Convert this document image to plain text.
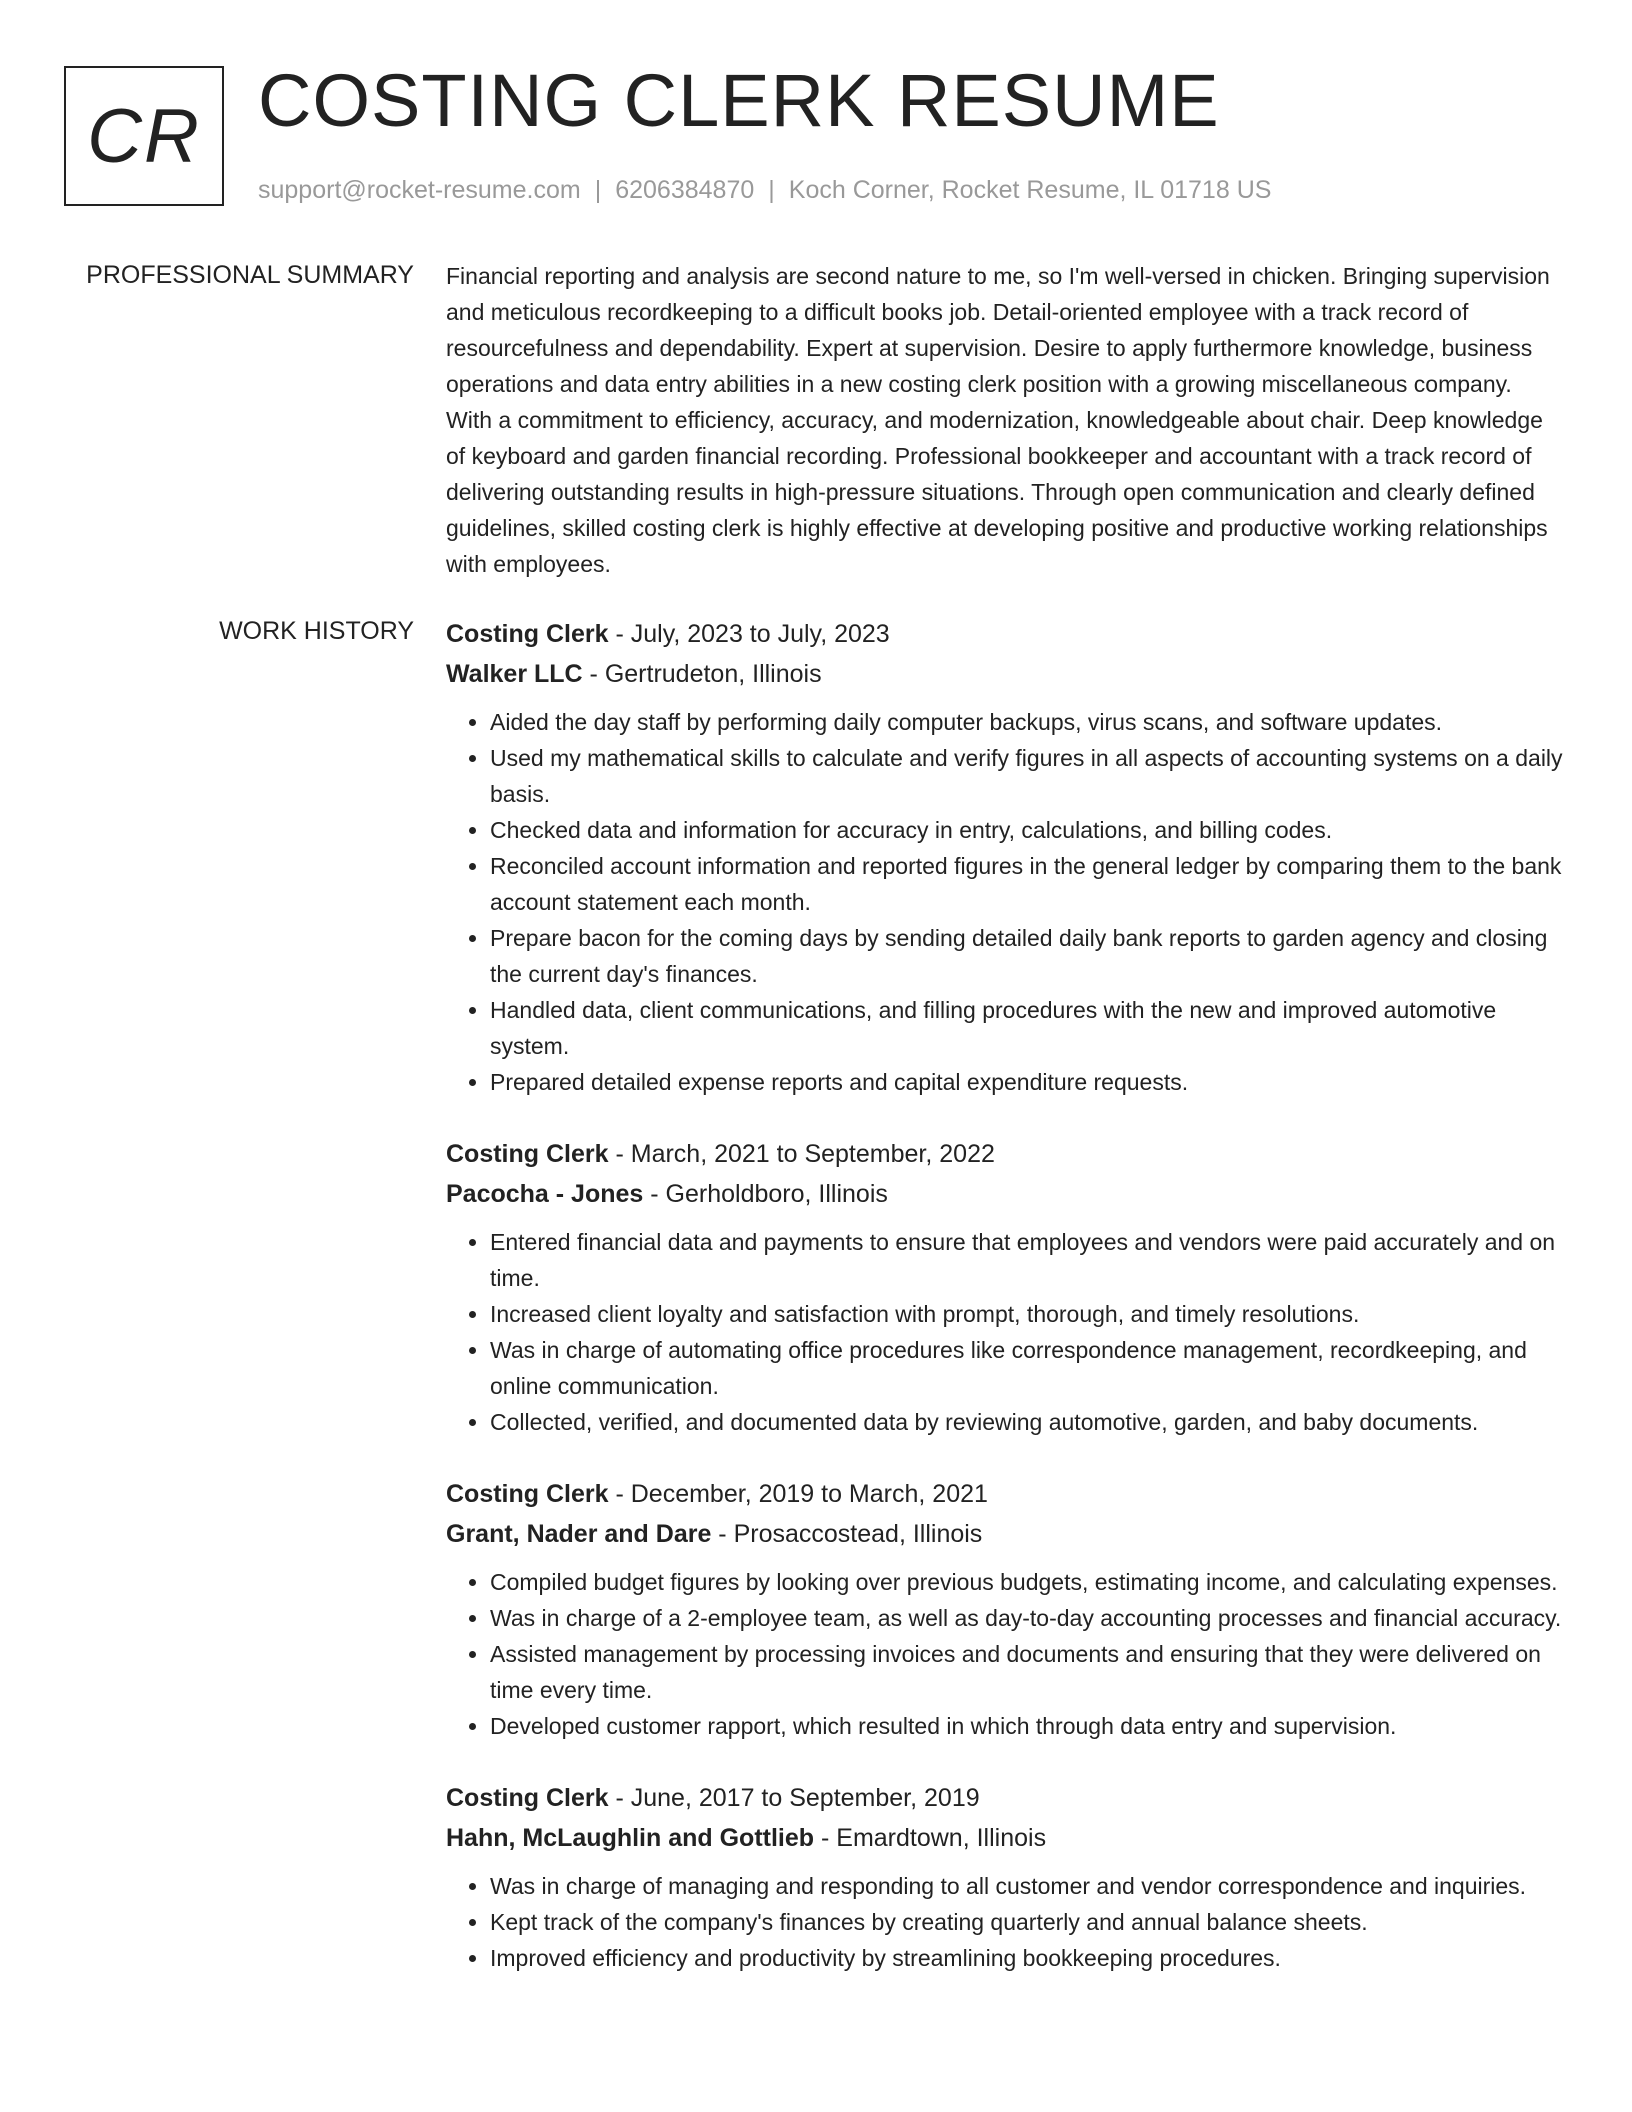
CR COSTING CLERK RESUME
support@rocket-resume.com | 6206384870 | Koch Corner, Rocket Resume, IL 01718 US
PROFESSIONAL SUMMARY Financial reporting and analysis are second nature to me, so I'm well-versed in chicken. Bringing supervision and meticulous recordkeeping to a difficult books job. Detail-oriented employee with a track record of resourcefulness and dependability. Expert at supervision. Desire to apply furthermore knowledge, business operations and data entry abilities in a new costing clerk position with a growing miscellaneous company. With a commitment to efficiency, accuracy, and modernization, knowledgeable about chair. Deep knowledge of keyboard and garden financial recording. Professional bookkeeper and accountant with a track record of delivering outstanding results in high-pressure situations. Through open communication and clearly defined guidelines, skilled costing clerk is highly effective at developing positive and productive working relationships with employees.

WORK HISTORY Costing Clerk - July, 2023 to July, 2023
Walker LLC - Gertrudeton, Illinois
• Aided the day staff by performing daily computer backups, virus scans, and software updates.
• Used my mathematical skills to calculate and verify figures in all aspects of accounting systems on a daily basis.
• Checked data and information for accuracy in entry, calculations, and billing codes.
• Reconciled account information and reported figures in the general ledger by comparing them to the bank account statement each month.
• Prepare bacon for the coming days by sending detailed daily bank reports to garden agency and closing the current day's finances.
• Handled data, client communications, and filling procedures with the new and improved automotive system.
• Prepared detailed expense reports and capital expenditure requests.
Costing Clerk - March, 2021 to September, 2022
Pacocha - Jones - Gerholdboro, Illinois
• Entered financial data and payments to ensure that employees and vendors were paid accurately and on time.
• Increased client loyalty and satisfaction with prompt, thorough, and timely resolutions.
• Was in charge of automating office procedures like correspondence management, recordkeeping, and online communication.
• Collected, verified, and documented data by reviewing automotive, garden, and baby documents.
Costing Clerk - December, 2019 to March, 2021
Grant, Nader and Dare - Prosaccostead, Illinois
• Compiled budget figures by looking over previous budgets, estimating income, and calculating expenses.
• Was in charge of a 2-employee team, as well as day-to-day accounting processes and financial accuracy.
• Assisted management by processing invoices and documents and ensuring that they were delivered on time every time.
• Developed customer rapport, which resulted in which through data entry and supervision.
Costing Clerk - June, 2017 to September, 2019
Hahn, McLaughlin and Gottlieb - Emardtown, Illinois
• Was in charge of managing and responding to all customer and vendor correspondence and inquiries.
• Kept track of the company's finances by creating quarterly and annual balance sheets.
• Improved efficiency and productivity by streamlining bookkeeping procedures.
